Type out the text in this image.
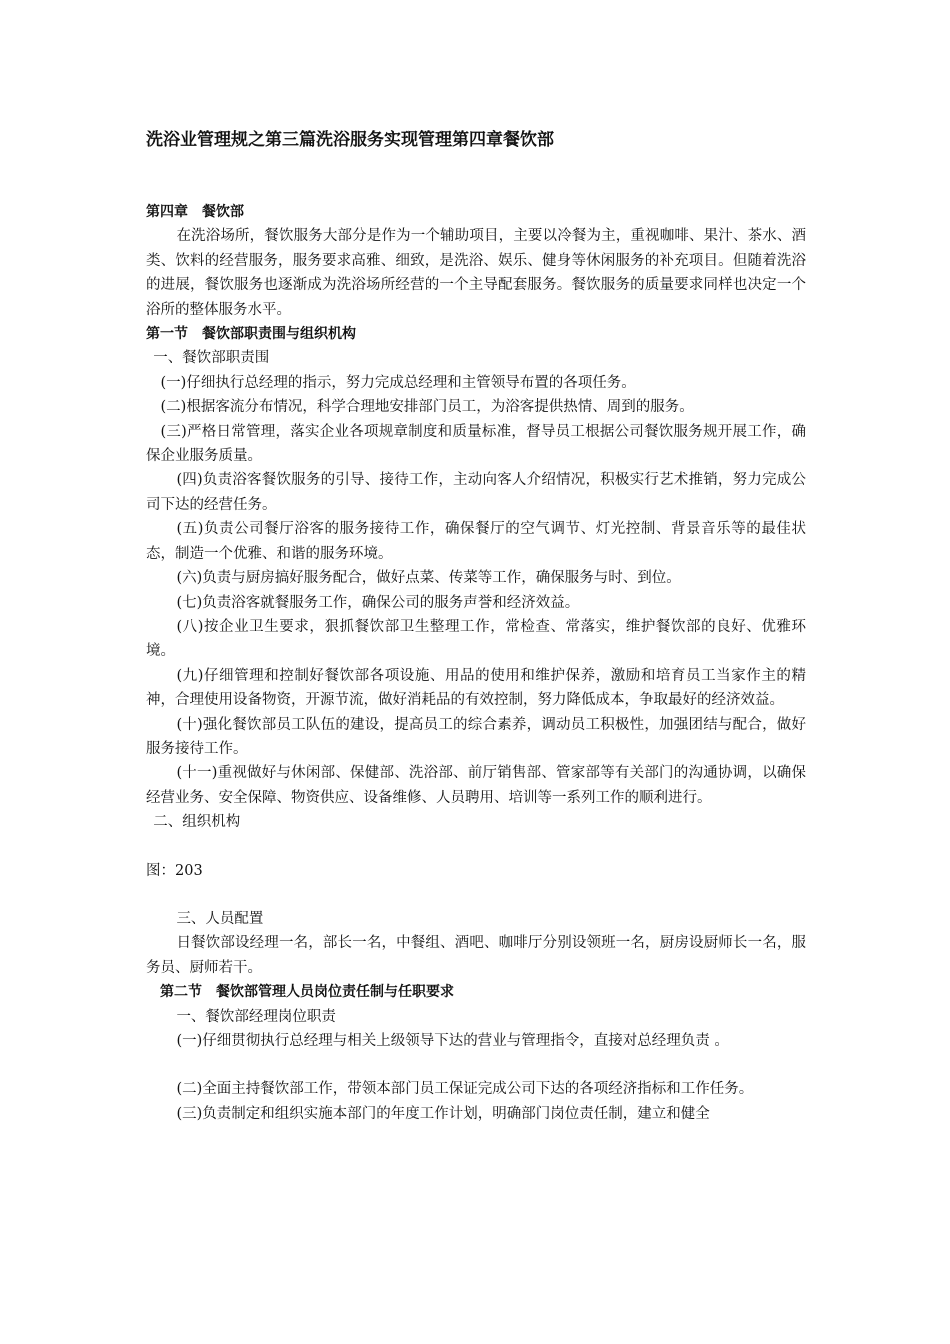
洗浴业管理规之第三篇洗浴服务实现管理第四章餐饮部

第四章　餐饮部

在洗浴场所，餐饮服务大部分是作为一个辅助项目，主要以冷餐为主，重视咖啡、果汁、茶水、酒类、饮料的经营服务，服务要求高雅、细致，是洗浴、娱乐、健身等休闲服务的补充项目。但随着洗浴的进展，餐饮服务也逐渐成为洗浴场所经营的一个主导配套服务。餐饮服务的质量要求同样也决定一个浴所的整体服务水平。

第一节　餐饮部职责围与组织机构

一、餐饮部职责围

(一)仔细执行总经理的指示，努力完成总经理和主管领导布置的各项任务。

(二)根据客流分布情况，科学合理地安排部门员工，为浴客提供热情、周到的服务。

(三)严格日常管理，落实企业各项规章制度和质量标准，督导员工根据公司餐饮服务规开展工作，确保企业服务质量。

(四)负责浴客餐饮服务的引导、接待工作，主动向客人介绍情况，积极实行艺术推销，努力完成公司下达的经营任务。

(五)负责公司餐厅浴客的服务接待工作，确保餐厅的空气调节、灯光控制、背景音乐等的最佳状态，制造一个优雅、和谐的服务环境。

(六)负责与厨房搞好服务配合，做好点菜、传菜等工作，确保服务与时、到位。

(七)负责浴客就餐服务工作，确保公司的服务声誉和经济效益。

(八)按企业卫生要求，狠抓餐饮部卫生整理工作，常检查、常落实，维护餐饮部的良好、优雅环境。

(九)仔细管理和控制好餐饮部各项设施、用品的使用和维护保养，激励和培育员工当家作主的精神，合理使用设备物资，开源节流，做好消耗品的有效控制，努力降低成本，争取最好的经济效益。

(十)强化餐饮部员工队伍的建设，提高员工的综合素养，调动员工积极性，加强团结与配合，做好服务接待工作。

(十一)重视做好与休闲部、保健部、洗浴部、前厅销售部、管家部等有关部门的沟通协调，以确保经营业务、安全保障、物资供应、设备维修、人员聘用、培训等一系列工作的顺利进行。

二、组织机构

图：203

三、人员配置

日餐饮部设经理一名，部长一名，中餐组、酒吧、咖啡厅分别设领班一名，厨房设厨师长一名，服务员、厨师若干。

第二节　餐饮部管理人员岗位责任制与任职要求

一、餐饮部经理岗位职责

(一)仔细贯彻执行总经理与相关上级领导下达的营业与管理指令，直接对总经理负责 。

(二)全面主持餐饮部工作，带领本部门员工保证完成公司下达的各项经济指标和工作任务。

(三)负责制定和组织实施本部门的年度工作计划，明确部门岗位责任制，建立和健全
